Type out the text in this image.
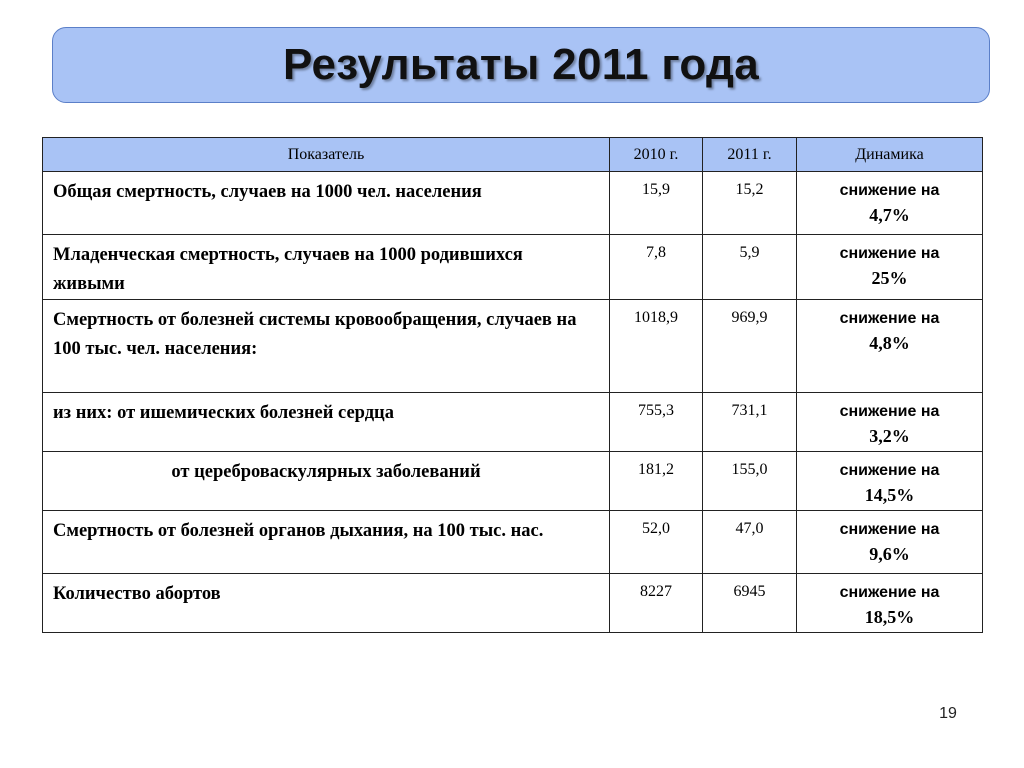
Результаты 2011 года
Показатель	2010 г.	2011 г.	Динамика
Общая смертность, случаев на 1000 чел. населения	15,9	15,2	снижение на
4,7%
Младенческая смертность, случаев на 1000 родившихся живыми	7,8	5,9	снижение на
25%
Смертность от болезней системы кровообращения, случаев на 100 тыс. чел. населения:	1018,9	969,9	снижение на
4,8%
из них: от ишемических болезней сердца	755,3	731,1	снижение на
3,2%
от цереброваскулярных заболеваний	181,2	155,0	снижение на
14,5%
Смертность от болезней органов дыхания, на 100 тыс. нас.	52,0	47,0	снижение на
9,6%
Количество абортов	8227	6945	снижение на
18,5%
19
